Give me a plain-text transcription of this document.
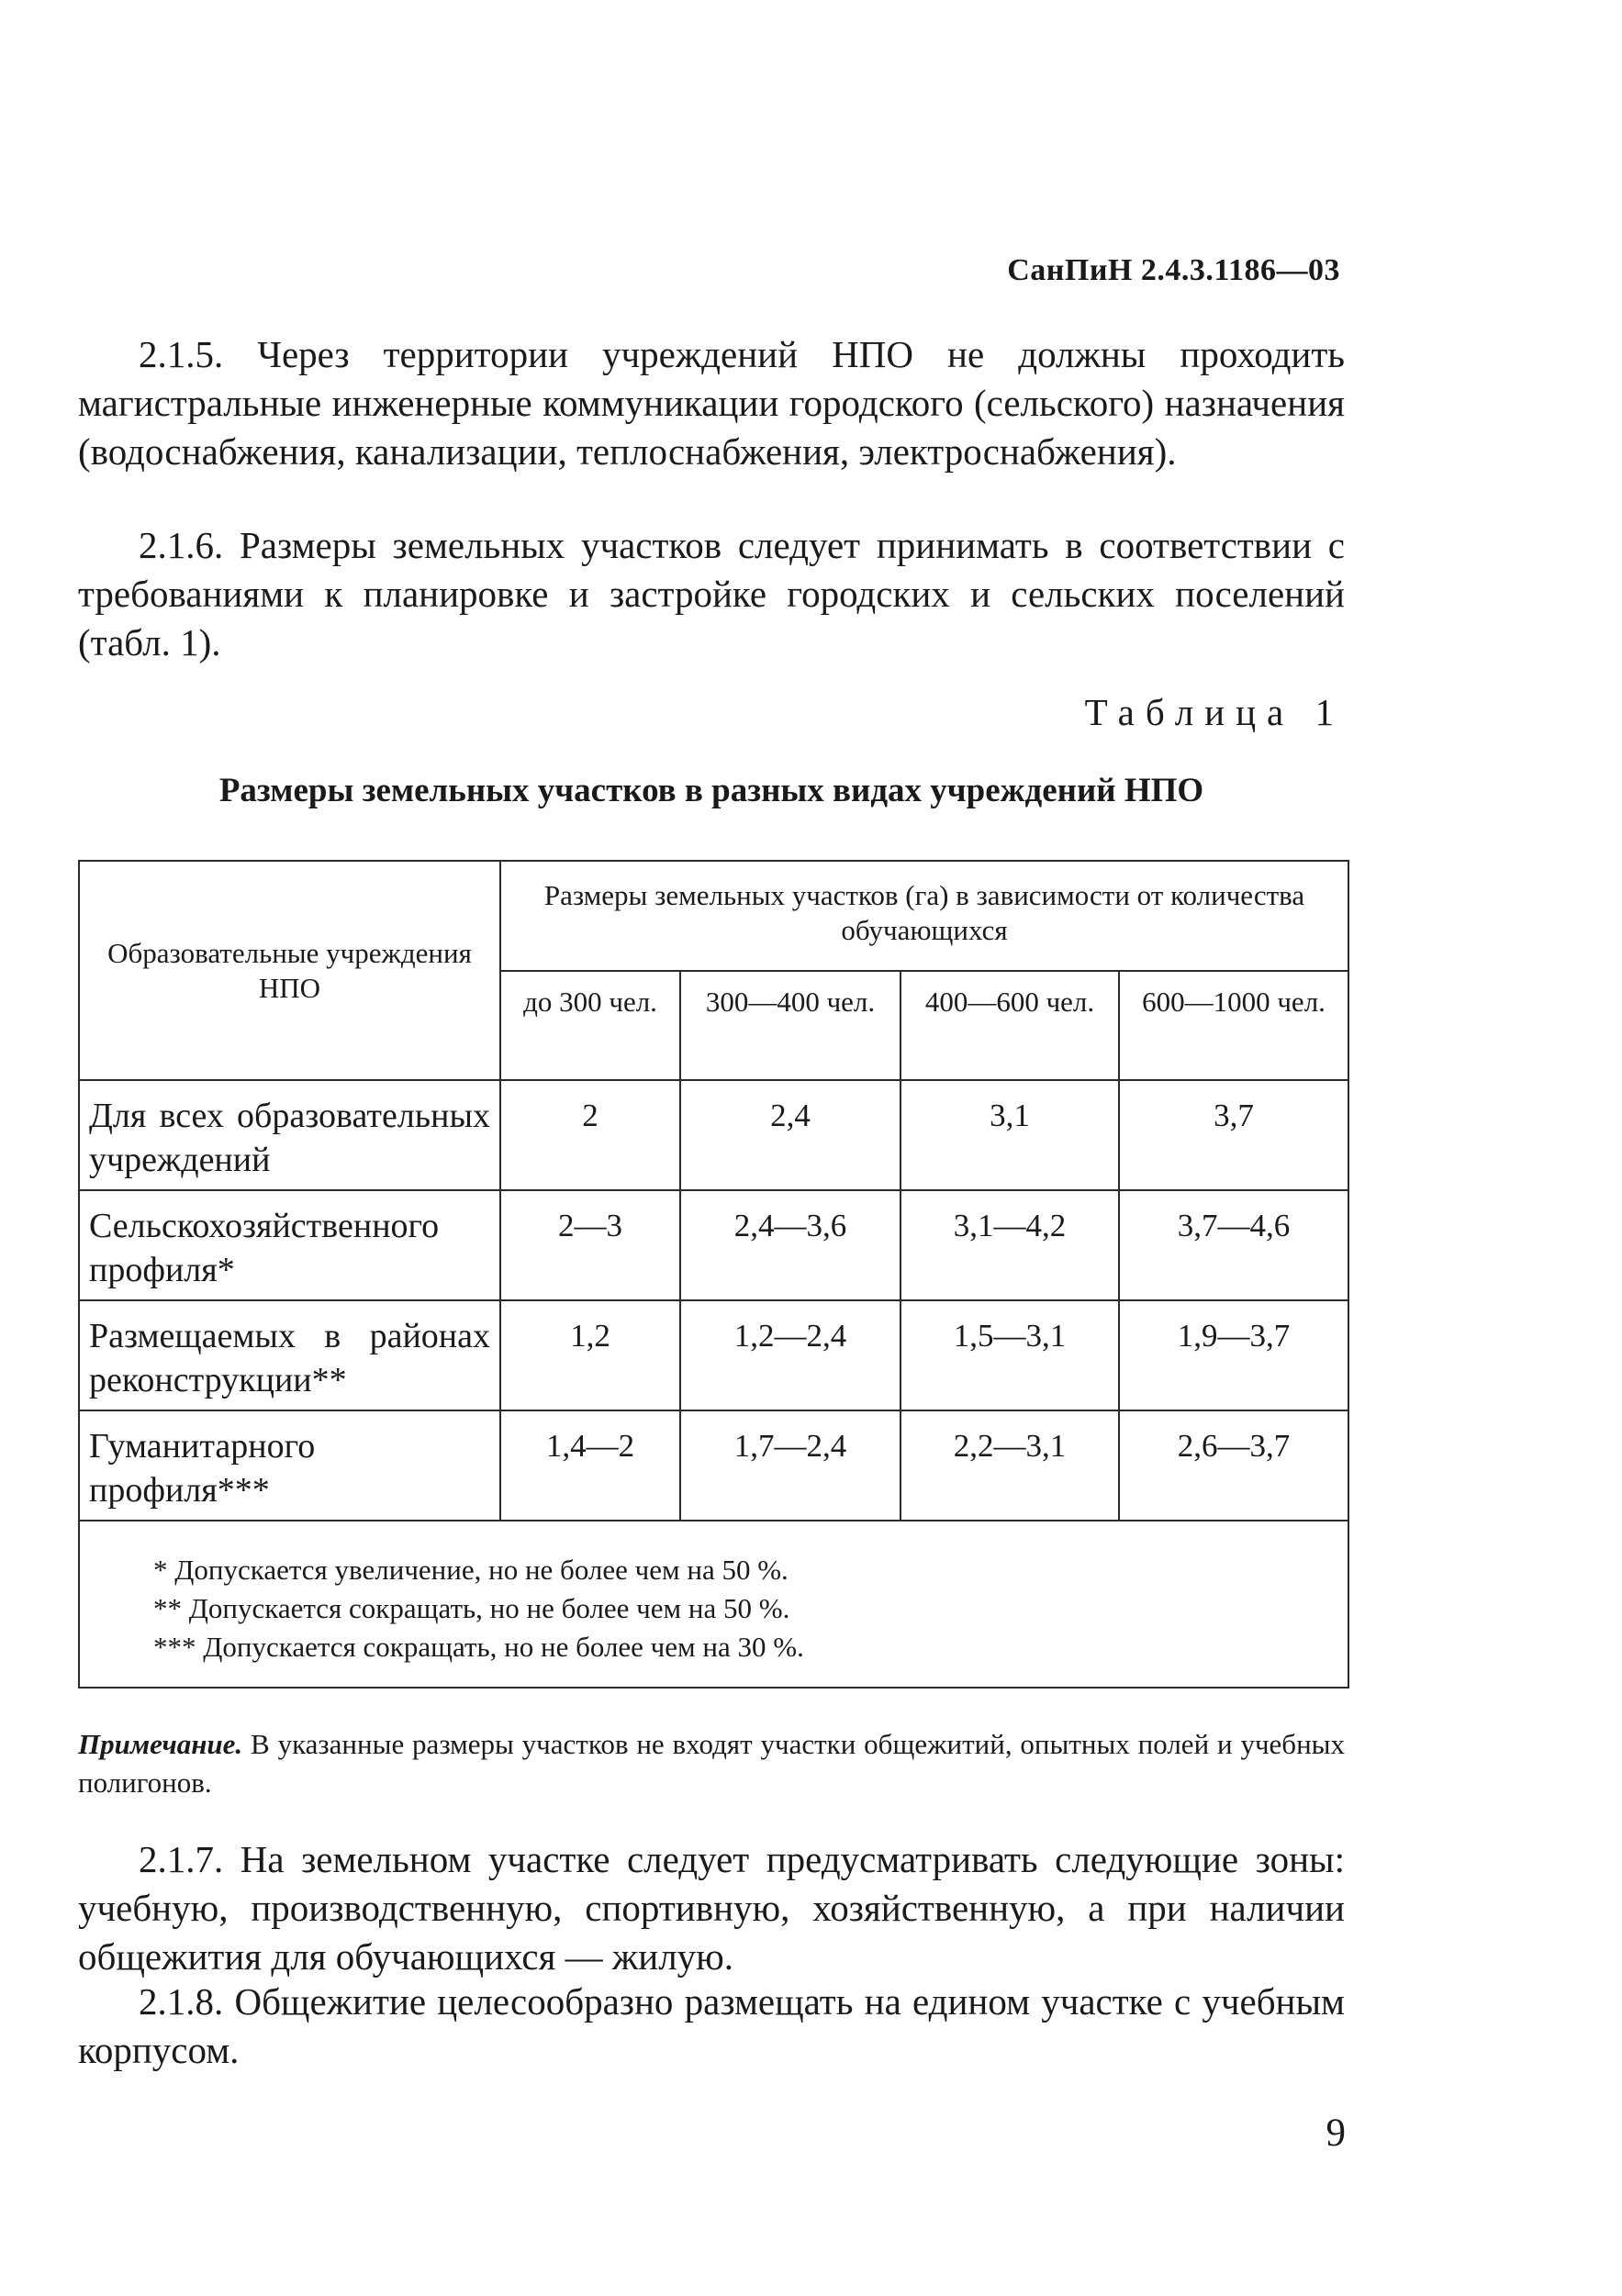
СанПиН 2.4.3.1186—03
2.1.5. Через территории учреждений НПО не должны проходить магистральные инженерные коммуникации городского (сельского) назначения (водоснабжения, канализации, теплоснабжения, электроснабжения).
2.1.6. Размеры земельных участков следует принимать в соответствии с требованиями к планировке и застройке городских и сельских поселений (табл. 1).
Таблица 1
Размеры земельных участков в разных видах учреждений НПО
Образовательные учреждения НПО	Размеры земельных участков (га) в зависимости от количества обучающихся			
	до 300 чел.	300—400 чел.	400—600 чел.	600—1000 чел.
Для всех образовательных учреждений	2	2,4	3,1	3,7
Сельскохозяйственного профиля*	2—3	2,4—3,6	3,1—4,2	3,7—4,6
Размещаемых в районах реконструкции**	1,2	1,2—2,4	1,5—3,1	1,9—3,7
Гуманитарного профиля***	1,4—2	1,7—2,4	2,2—3,1	2,6—3,7

* Допускается увеличение, но не более чем на 50 %.
** Допускается сокращать, но не более чем на 50 %.
*** Допускается сокращать, но не более чем на 30 %.				
Примечание. В указанные размеры участков не входят участки общежитий, опытных полей и учебных полигонов.
2.1.7. На земельном участке следует предусматривать следующие зоны: учебную, производственную, спортивную, хозяйственную, а при наличии общежития для обучающихся — жилую.
2.1.8. Общежитие целесообразно размещать на едином участке с учебным корпусом.
9
